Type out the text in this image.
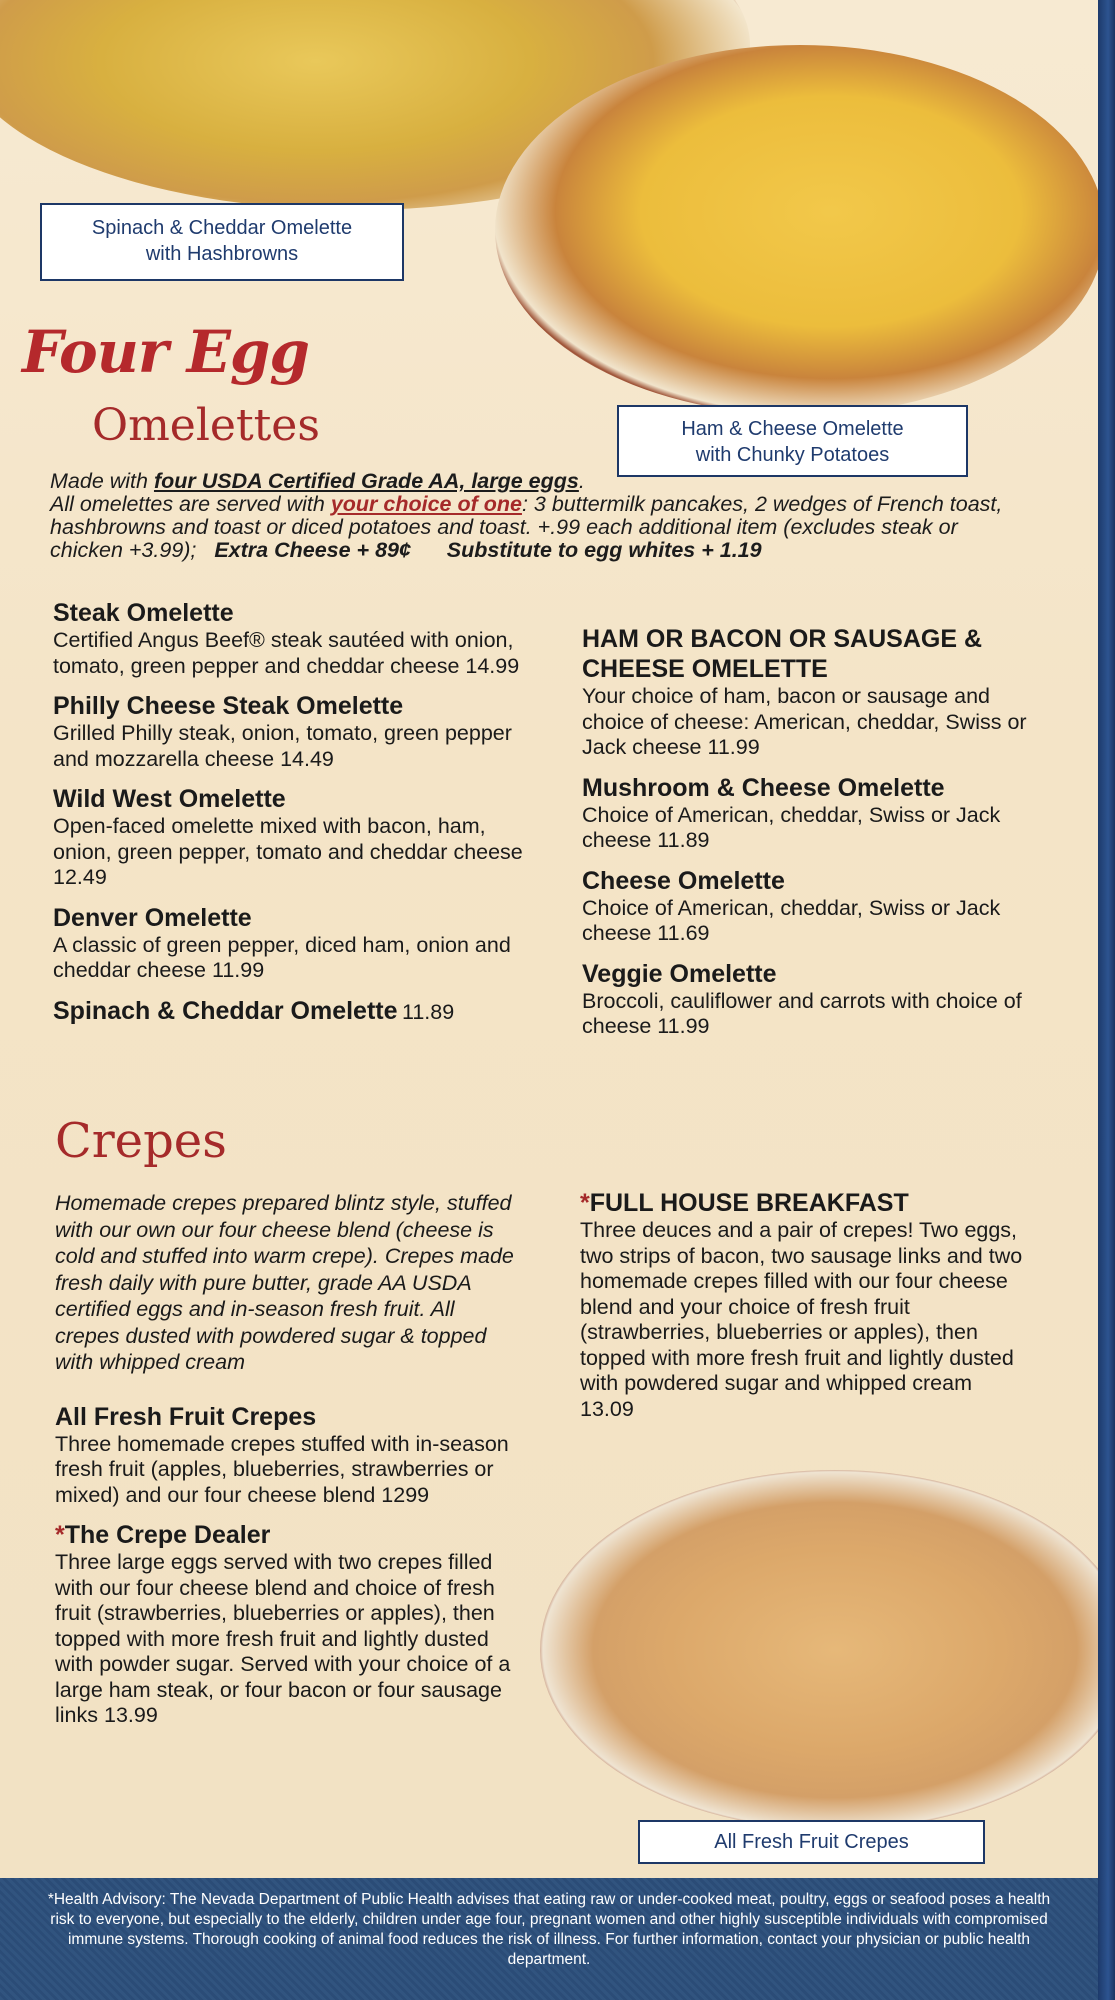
Spinach & Cheddar Omelette
with Hashbrowns
Ham & Cheese Omelette
with Chunky Potatoes
Four Egg
Omelettes
Made with four USDA Certified Grade AA, large eggs.
All omelettes are served with your choice of one: 3 buttermilk pancakes, 2 wedges of French toast,
hashbrowns and toast or diced potatoes and toast. +.99 each additional item (excludes steak or
chicken +3.99); Extra Cheese + 89¢ Substitute to egg whites + 1.19
Steak Omelette
Certified Angus Beef® steak sautéed with onion, tomato, green pepper and cheddar cheese 14.99
Philly Cheese Steak Omelette
Grilled Philly steak, onion, tomato, green pepper and mozzarella cheese 14.49
Wild West Omelette
Open-faced omelette mixed with bacon, ham, onion, green pepper, tomato and cheddar cheese 12.49
Denver Omelette
A classic of green pepper, diced ham, onion and cheddar cheese 11.99
Spinach & Cheddar Omelette 11.89
HAM OR BACON OR SAUSAGE & CHEESE OMELETTE
Your choice of ham, bacon or sausage and choice of cheese: American, cheddar, Swiss or Jack cheese 11.99
Mushroom & Cheese Omelette
Choice of American, cheddar, Swiss or Jack cheese 11.89
Cheese Omelette
Choice of American, cheddar, Swiss or Jack cheese 11.69
Veggie Omelette
Broccoli, cauliflower and carrots with choice of cheese 11.99
Crepes
Homemade crepes prepared blintz style, stuffed with our own our four cheese blend (cheese is cold and stuffed into warm crepe). Crepes made fresh daily with pure butter, grade AA USDA certified eggs and in-season fresh fruit. All crepes dusted with powdered sugar & topped with whipped cream
All Fresh Fruit Crepes
Three homemade crepes stuffed with in-season fresh fruit (apples, blueberries, strawberries or mixed) and our four cheese blend 1299
*The Crepe Dealer
Three large eggs served with two crepes filled with our four cheese blend and choice of fresh fruit (strawberries, blueberries or apples), then topped with more fresh fruit and lightly dusted with powder sugar. Served with your choice of a large ham steak, or four bacon or four sausage links 13.99
*FULL HOUSE BREAKFAST
Three deuces and a pair of crepes! Two eggs, two strips of bacon, two sausage links and two homemade crepes filled with our four cheese blend and your choice of fresh fruit (strawberries, blueberries or apples), then topped with more fresh fruit and lightly dusted with powdered sugar and whipped cream 13.09
All Fresh Fruit Crepes
*Health Advisory: The Nevada Department of Public Health advises that eating raw or under-cooked meat, poultry, eggs or seafood poses a health risk to everyone, but especially to the elderly, children under age four, pregnant women and other highly susceptible individuals with compromised immune systems. Thorough cooking of animal food reduces the risk of illness. For further information, contact your physician or public health department.
